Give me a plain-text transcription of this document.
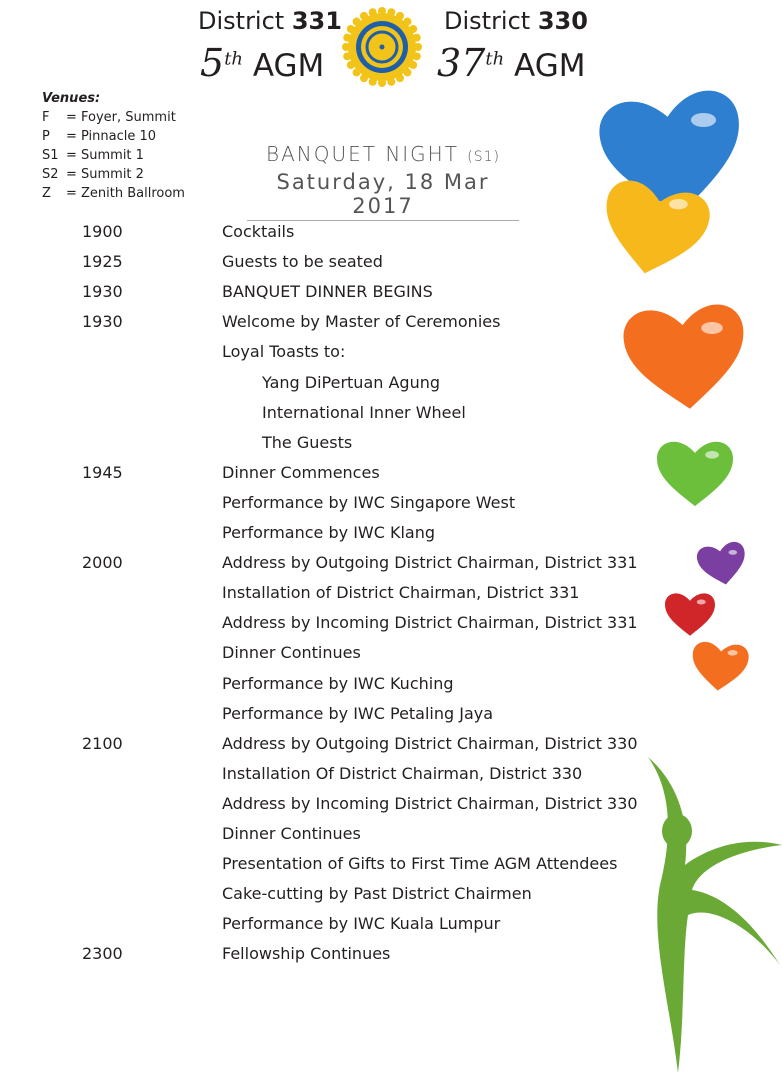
District 331
5th AGM
District 330
37th AGM
Venues:
F = Foyer, Summit
P = Pinnacle 10
S1 = Summit 1
S2 = Summit 2
Z = Zenith Ballroom
BANQUET NIGHT (S1)
Saturday, 18 Mar 2017
1900	Cocktails
1925	Guests to be seated
1930	BANQUET DINNER BEGINS
1930	Welcome by Master of Ceremonies
Loyal Toasts to:
Yang DiPertuan Agung
International Inner Wheel
The Guests
1945	Dinner Commences
Performance by IWC Singapore West
Performance by IWC Klang
2000	Address by Outgoing District Chairman, District 331
Installation of District Chairman, District 331
Address by Incoming District Chairman, District 331
Dinner Continues
Performance by IWC Kuching
Performance by IWC Petaling Jaya
2100	Address by Outgoing District Chairman, District 330
Installation Of District Chairman, District 330
Address by Incoming District Chairman, District 330
Dinner Continues
Presentation of Gifts to First Time AGM Attendees
Cake-cutting by Past District Chairmen
Performance by IWC Kuala Lumpur
2300	Fellowship Continues
